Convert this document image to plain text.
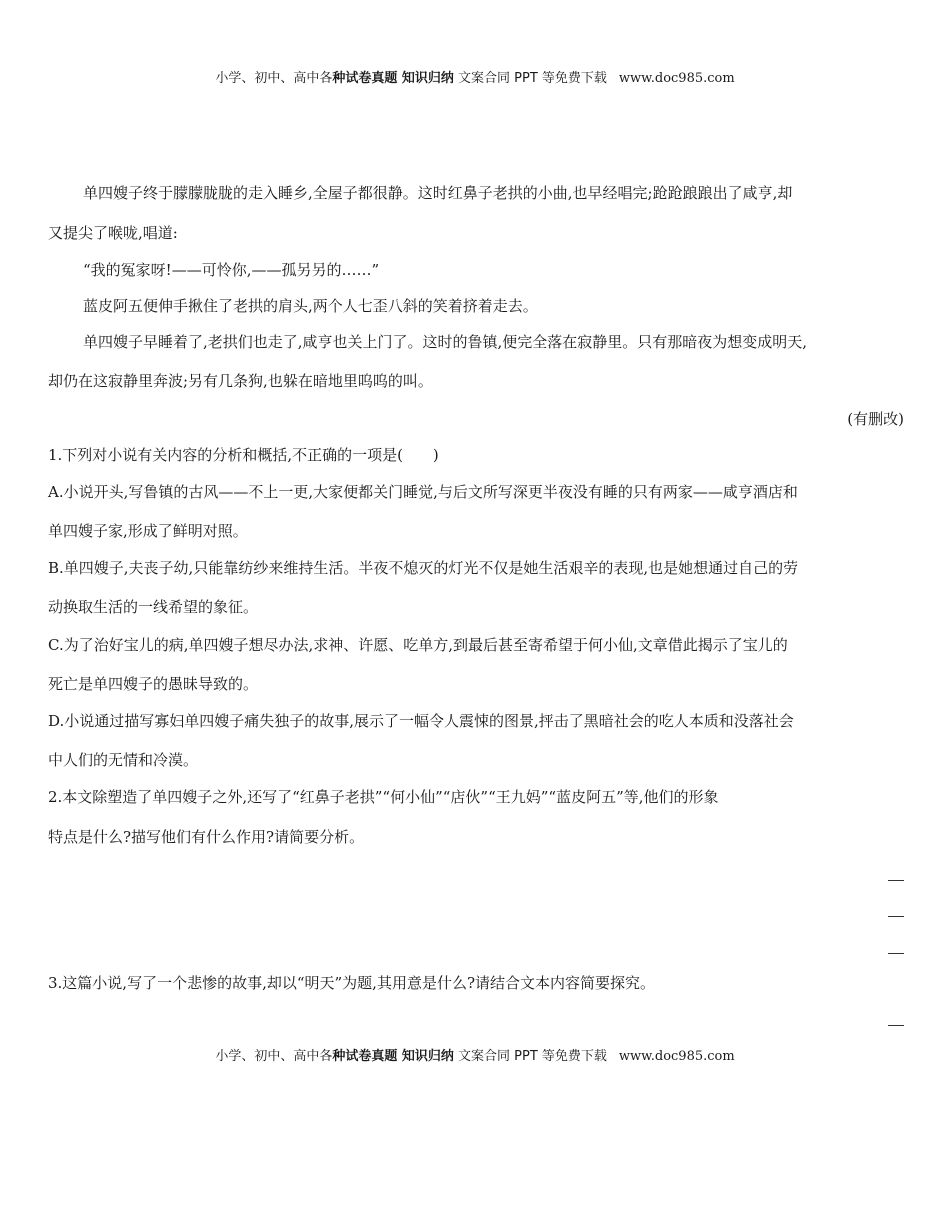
小学、初中、高中各种试卷真题 知识归纳 文案合同 PPT 等免费下载 www.doc985.com
单四嫂子终于朦朦胧胧的走入睡乡,全屋子都很静。这时红鼻子老拱的小曲,也早经唱完;跄跄踉踉出了咸亨,却
又提尖了喉咙,唱道:
“我的冤家呀!——可怜你,——孤另另的……”
蓝皮阿五便伸手揪住了老拱的肩头,两个人七歪八斜的笑着挤着走去。
单四嫂子早睡着了,老拱们也走了,咸亨也关上门了。这时的鲁镇,便完全落在寂静里。只有那暗夜为想变成明天,
却仍在这寂静里奔波;另有几条狗,也躲在暗地里呜呜的叫。
(有删改)
1.下列对小说有关内容的分析和概括,不正确的一项是(　　)
A.小说开头,写鲁镇的古风——不上一更,大家便都关门睡觉,与后文所写深更半夜没有睡的只有两家——咸亨酒店和
单四嫂子家,形成了鲜明对照。
B.单四嫂子,夫丧子幼,只能靠纺纱来维持生活。半夜不熄灭的灯光不仅是她生活艰辛的表现,也是她想通过自己的劳
动换取生活的一线希望的象征。
C.为了治好宝儿的病,单四嫂子想尽办法,求神、许愿、吃单方,到最后甚至寄希望于何小仙,文章借此揭示了宝儿的
死亡是单四嫂子的愚昧导致的。
D.小说通过描写寡妇单四嫂子痛失独子的故事,展示了一幅令人震悚的图景,抨击了黑暗社会的吃人本质和没落社会
中人们的无情和冷漠。
2.本文除塑造了单四嫂子之外,还写了“红鼻子老拱”“何小仙”“店伙”“王九妈”“蓝皮阿五”等,他们的形象
特点是什么?描写他们有什么作用?请简要分析。
3.这篇小说,写了一个悲惨的故事,却以“明天”为题,其用意是什么?请结合文本内容简要探究。
小学、初中、高中各种试卷真题 知识归纳 文案合同 PPT 等免费下载 www.doc985.com
